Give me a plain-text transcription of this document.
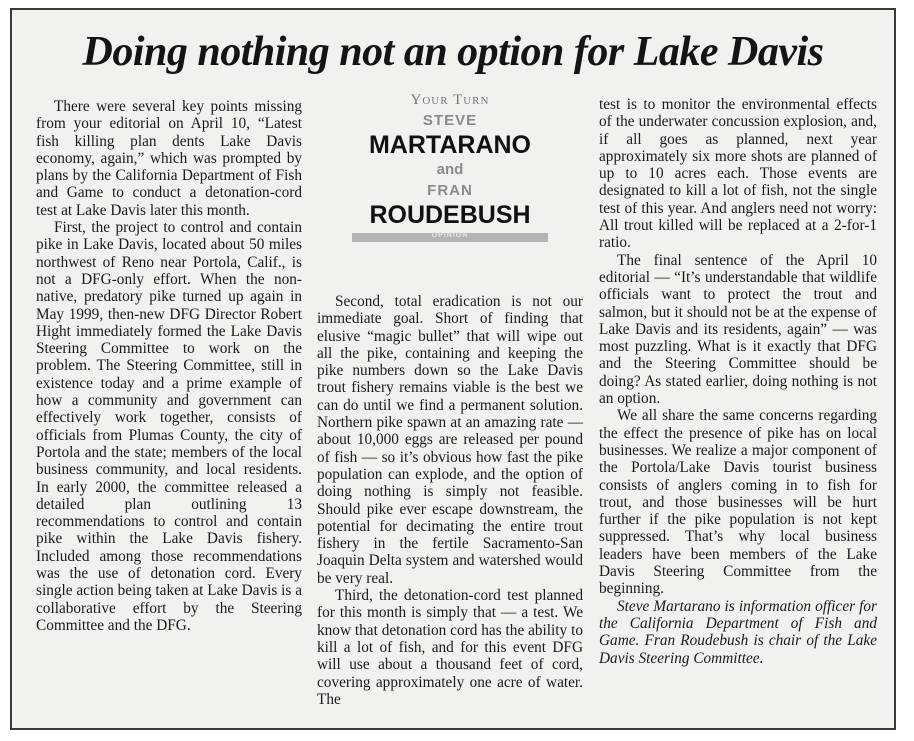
Doing nothing not an option for Lake Davis

There were several key points missing from your editorial on April 10, “Latest fish killing plan dents Lake Davis economy, again,” which was prompted by plans by the California Department of Fish and Game to conduct a detonation-cord test at Lake Davis later this month.

First, the project to control and contain pike in Lake Davis, located about 50 miles northwest of Reno near Portola, Calif., is not a DFG-only effort. When the non-native, predatory pike turned up again in May 1999, then-new DFG Director Robert Hight immediately formed the Lake Davis Steering Committee to work on the problem. The Steering Committee, still in existence today and a prime example of how a community and government can effectively work together, consists of officials from Plumas County, the city of Portola and the state; members of the local business community, and local residents. In early 2000, the committee released a detailed plan outlining 13 recommendations to control and contain pike within the Lake Davis fishery. Included among those recommendations was the use of detonation cord. Every single action being taken at Lake Davis is a collaborative effort by the Steering Committee and the DFG.

Your Turn
STEVE
MARTARANO
and
FRAN
ROUDEBUSH
OPINION

Second, total eradication is not our immediate goal. Short of finding that elusive “magic bullet” that will wipe out all the pike, containing and keeping the pike numbers down so the Lake Davis trout fishery remains viable is the best we can do until we find a permanent solution. Northern pike spawn at an amazing rate — about 10,000 eggs are released per pound of fish — so it’s obvious how fast the pike population can explode, and the option of doing nothing is simply not feasible. Should pike ever escape downstream, the potential for decimating the entire trout fishery in the fertile Sacramento-San Joaquin Delta system and watershed would be very real.

Third, the detonation-cord test planned for this month is simply that — a test. We know that detonation cord has the ability to kill a lot of fish, and for this event DFG will use about a thousand feet of cord, covering approximately one acre of water. The

test is to monitor the environmental effects of the underwater concussion explosion, and, if all goes as planned, next year approximately six more shots are planned of up to 10 acres each. Those events are designated to kill a lot of fish, not the single test of this year. And anglers need not worry: All trout killed will be replaced at a 2-for-1 ratio.

The final sentence of the April 10 editorial — “It’s understandable that wildlife officials want to protect the trout and salmon, but it should not be at the expense of Lake Davis and its residents, again” — was most puzzling. What is it exactly that DFG and the Steering Committee should be doing? As stated earlier, doing nothing is not an option.

We all share the same concerns regarding the effect the presence of pike has on local businesses. We realize a major component of the Portola/Lake Davis tourist business consists of anglers coming in to fish for trout, and those businesses will be hurt further if the pike population is not kept suppressed. That’s why local business leaders have been members of the Lake Davis Steering Committee from the beginning.

Steve Martarano is information officer for the California Department of Fish and Game. Fran Roudebush is chair of the Lake Davis Steering Committee.
